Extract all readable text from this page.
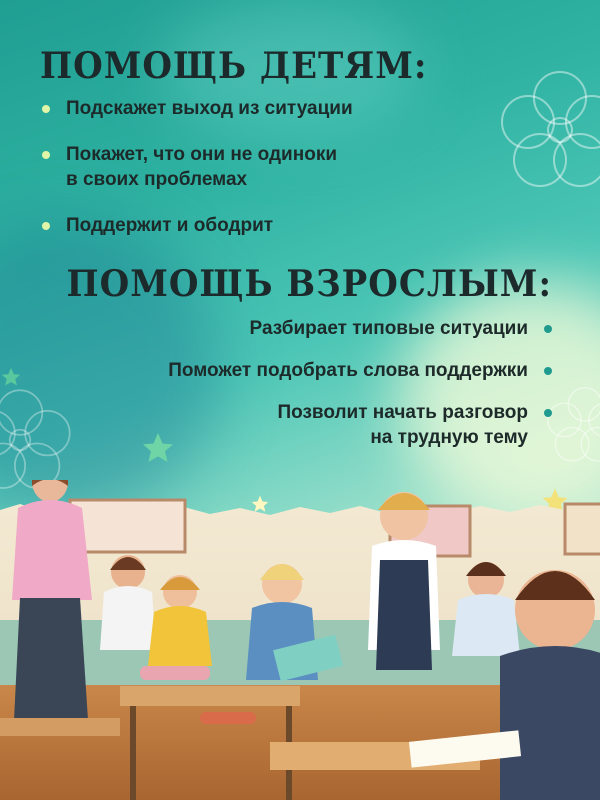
ПОМОЩЬ ДЕТЯМ:
Подскажет выход из ситуации
Покажет, что они не одиноки
в своих проблемах
Поддержит и ободрит
ПОМОЩЬ ВЗРОСЛЫМ:
Разбирает типовые ситуации
Поможет подобрать слова поддержки
Позволит начать разговор
на трудную тему
